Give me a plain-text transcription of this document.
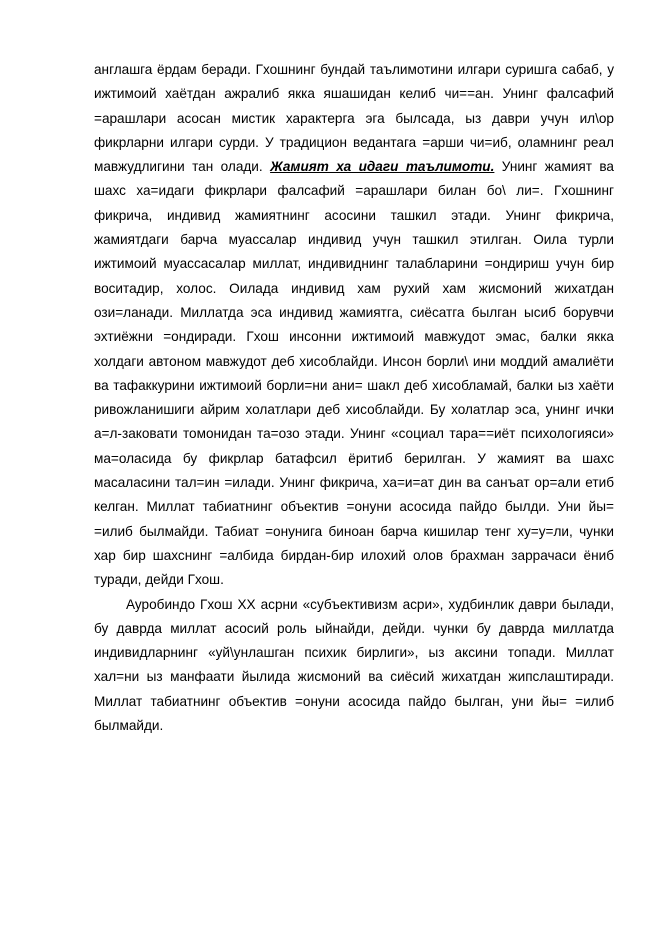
англашга ёрдам беради. Гхошнинг бундай таълимотини илгари суришга сабаб, у ижтимоий хаётдан ажралиб якка яшашидан келиб чи==ан. Унинг фалсафий =арашлари асосан мистик характерга эга былсада, ыз даври учун ил\ор фикрларни илгари сурди. У традицион ведантага =арши чи=иб, оламнинг реал мавжудлигини тан олади. Жамият ха идаги таълимоти. Унинг жамият ва шахс ха=идаги фикрлари фалсафий =арашлари билан бо\ ли=. Гхошнинг фикрича, индивид жамиятнинг асосини ташкил этади. Унинг фикрича, жамиятдаги барча муассалар индивид учун ташкил этилган. Оила турли ижтимоий муассасалар миллат, индивиднинг талабларини =ондириш учун бир воситадир, холос. Оилада индивид хам рухий хам жисмоний жихатдан ози=ланади. Миллатда эса индивид жамиятга, сиёсатга былган ысиб борувчи эхтиёжни =ондиради. Гхош инсонни ижтимоий мавжудот эмас, балки якка холдаги автоном мавжудот деб хисоблайди. Инсон борли\ ини моддий амалиёти ва тафаккурини ижтимоий борли=ни ани= шакл деб хисобламай, балки ыз хаёти ривожланишиги айрим холатлари деб хисоблайди. Бу холатлар эса, унинг ички а=л-заковати томонидан та=озо этади. Унинг «социал тара==иёт психологияси» ма=оласида бу фикрлар батафсил ёритиб берилган. У жамият ва шахс масаласини тал=ин =илади. Унинг фикрича, ха=и=ат дин ва санъат ор=али етиб келган. Миллат табиатнинг объектив =онуни асосида пайдо былди. Уни йы= =илиб былмайди. Табиат =онунига биноан барча кишилар тенг ху=у=ли, чунки хар бир шахснинг =албида бирдан-бир илохий олов брахман заррачаси ёниб туради, дейди Гхош.

Ауробиндо Гхош XX асрни «субъективизм асри», худбинлик даври былади, бу даврда миллат асосий роль ыйнайди, дейди. чунки бу даврда миллатда индивидларнинг «уй\унлашган психик бирлиги», ыз аксини топади. Миллат хал=ни ыз манфаати йылида жисмоний ва сиёсий жихатдан жипслаштиради. Миллат табиатнинг объектив =онуни асосида пайдо былган, уни йы= =илиб былмайди.
